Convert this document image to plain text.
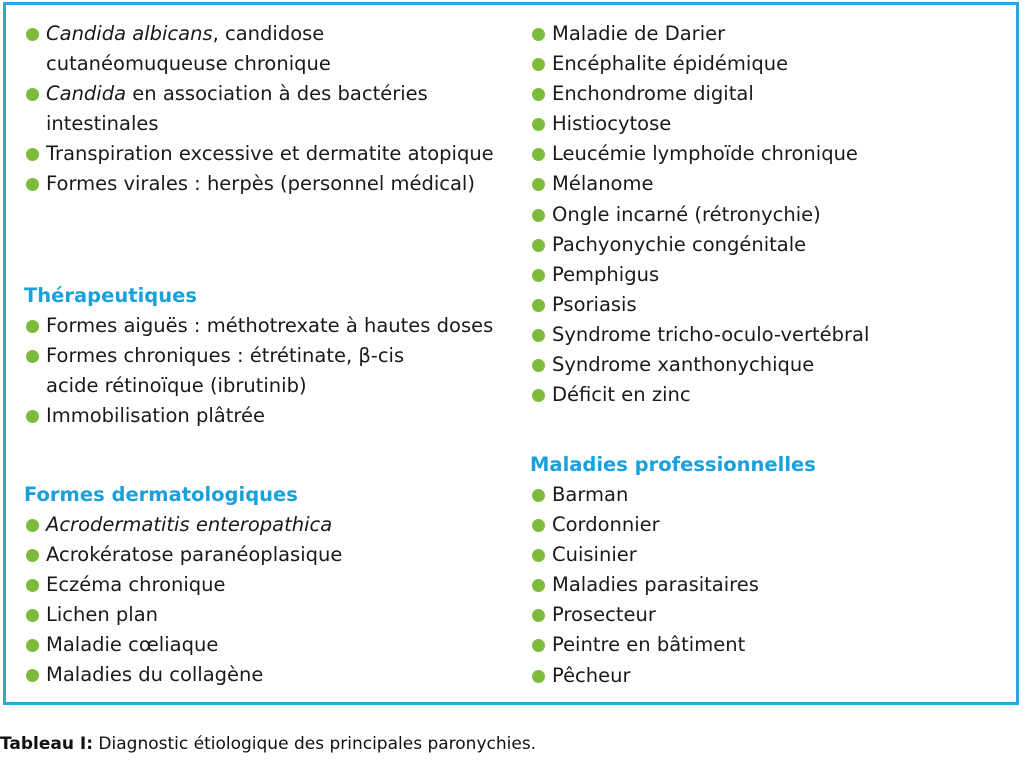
Candida albicans, candidose cutanéomuqueuse chronique
Candida en association à des bactéries intestinales
Transpiration excessive et dermatite atopique
Formes virales : herpès (personnel médical)
Thérapeutiques
Formes aiguës : méthotrexate à hautes doses
Formes chroniques : étrétinate, β-cis acide rétinoïque (ibrutinib)
Immobilisation plâtrée
Formes dermatologiques
Acrodermatitis enteropathica
Acrokératose paranéoplasique
Eczéma chronique
Lichen plan
Maladie cœliaque
Maladies du collagène
Maladie de Darier
Encéphalite épidémique
Enchondrome digital
Histiocytose
Leucémie lymphoïde chronique
Mélanome
Ongle incarné (rétronychie)
Pachyonychie congénitale
Pemphigus
Psoriasis
Syndrome tricho-oculo-vertébral
Syndrome xanthonychique
Déficit en zinc
Maladies professionnelles
Barman
Cordonnier
Cuisinier
Maladies parasitaires
Prosecteur
Peintre en bâtiment
Pêcheur
Tableau I: Diagnostic étiologique des principales paronychies.
